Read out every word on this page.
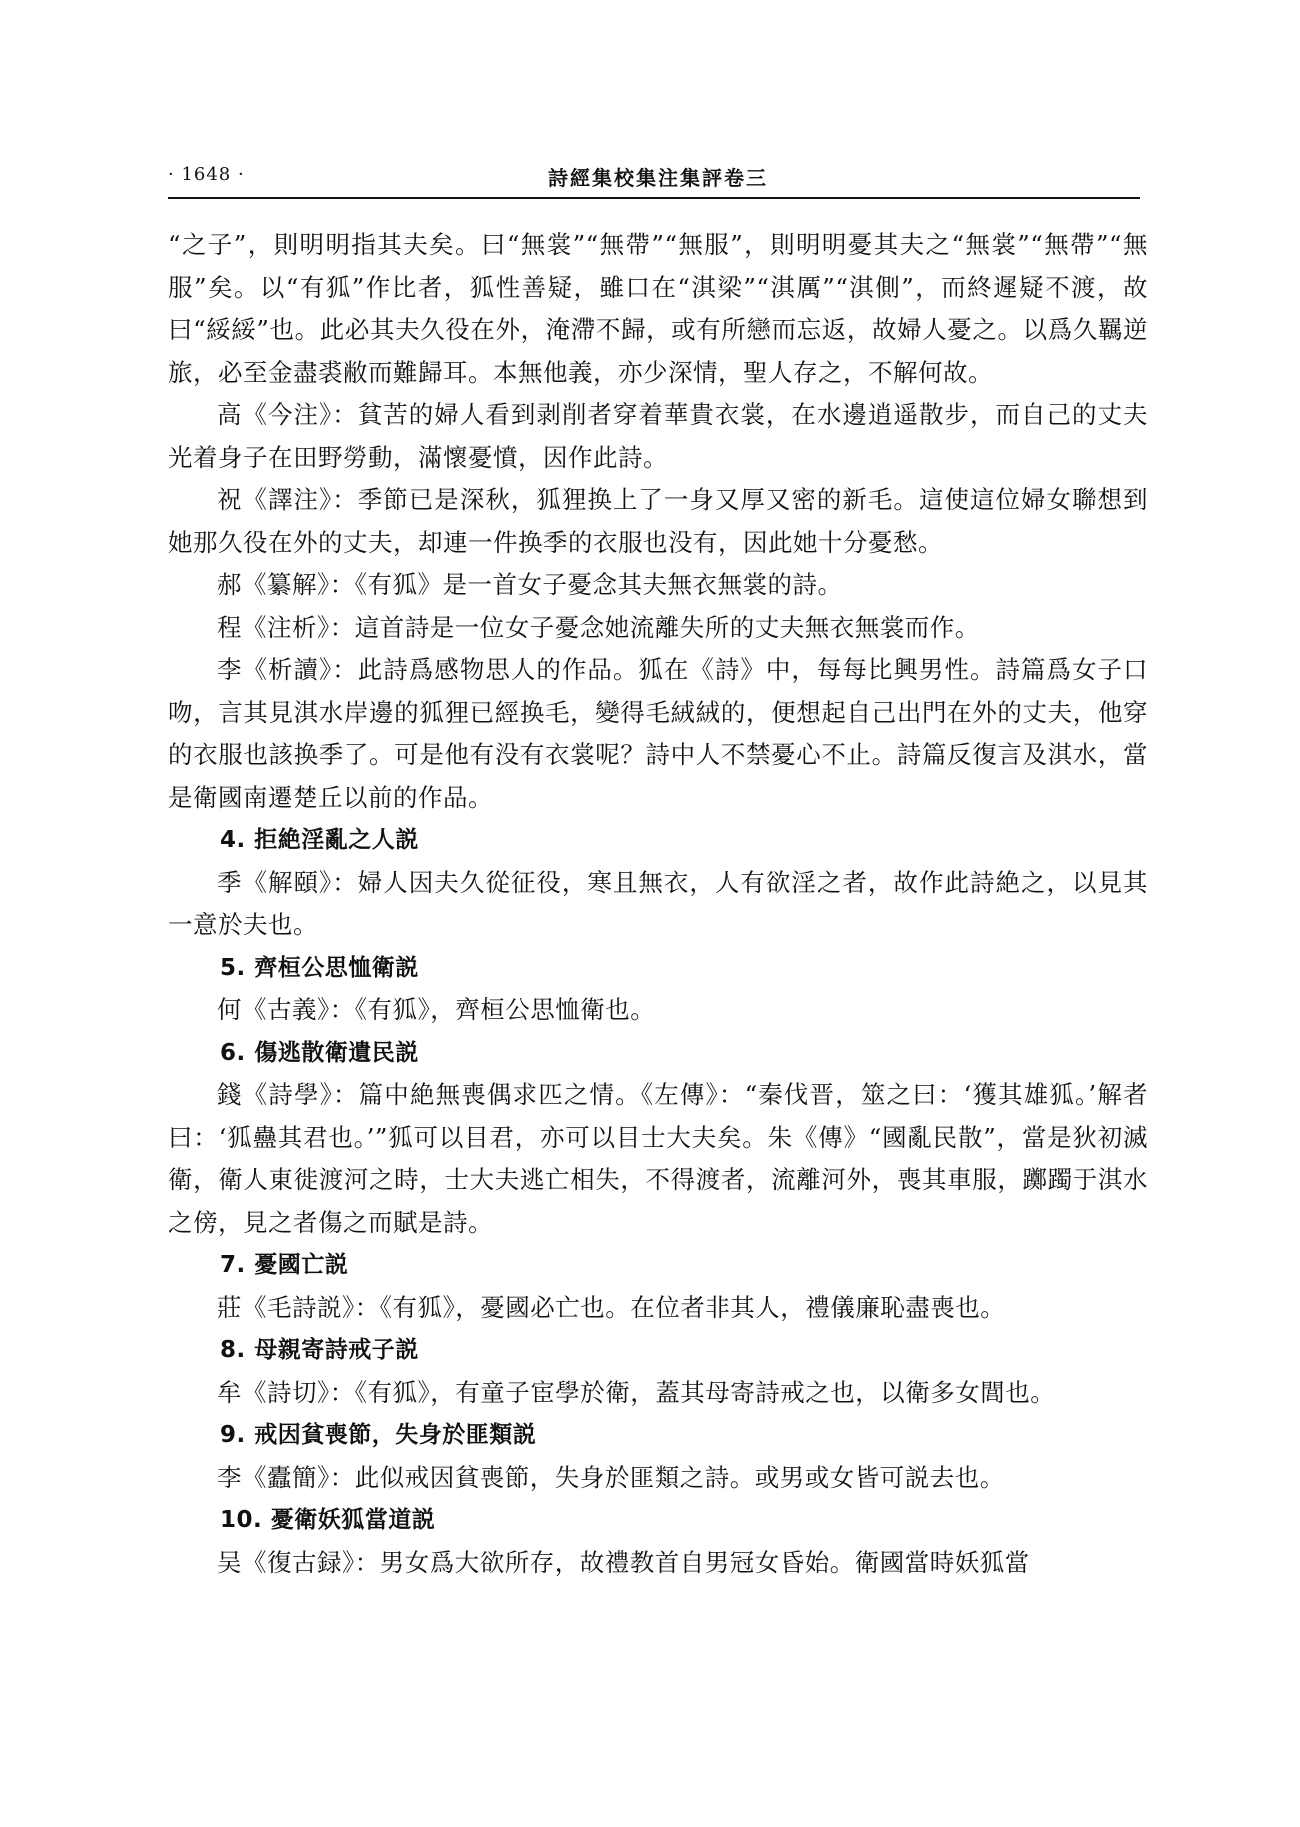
· 1648 ·	詩經集校集注集評卷三

“之子”，則明明指其夫矣。曰“無裳”“無帶”“無服”，則明明憂其夫之“無裳”“無帶”“無服”矣。以“有狐”作比者，狐性善疑，雖口在“淇梁”“淇厲”“淇側”，而終遲疑不渡，故曰“綏綏”也。此必其夫久役在外，淹滯不歸，或有所戀而忘返，故婦人憂之。以爲久羈逆旅，必至金盡裘敝而難歸耳。本無他義，亦少深情，聖人存之，不解何故。

高《今注》：貧苦的婦人看到剥削者穿着華貴衣裳，在水邊逍遥散步，而自己的丈夫光着身子在田野勞動，滿懷憂憤，因作此詩。

祝《譯注》：季節已是深秋，狐狸换上了一身又厚又密的新毛。這使這位婦女聯想到她那久役在外的丈夫，却連一件换季的衣服也没有，因此她十分憂愁。

郝《纂解》：《有狐》是一首女子憂念其夫無衣無裳的詩。

程《注析》：這首詩是一位女子憂念她流離失所的丈夫無衣無裳而作。

李《析讀》：此詩爲感物思人的作品。狐在《詩》中，每每比興男性。詩篇爲女子口吻，言其見淇水岸邊的狐狸已經换毛，變得毛絨絨的，便想起自己出門在外的丈夫，他穿的衣服也該换季了。可是他有没有衣裳呢？詩中人不禁憂心不止。詩篇反復言及淇水，當是衛國南遷楚丘以前的作品。

4. 拒絶淫亂之人説

季《解頤》：婦人因夫久從征役，寒且無衣，人有欲淫之者，故作此詩絶之，以見其一意於夫也。

5. 齊桓公思恤衛説

何《古義》：《有狐》，齊桓公思恤衛也。

6. 傷逃散衛遺民説

錢《詩學》：篇中絶無喪偶求匹之情。《左傳》：“秦伐晋，筮之曰：‘獲其雄狐。’解者曰：‘狐蠱其君也。’”狐可以目君，亦可以目士大夫矣。朱《傳》“國亂民散”，當是狄初滅衛，衛人東徙渡河之時，士大夫逃亡相失，不得渡者，流離河外，喪其車服，躑躅于淇水之傍，見之者傷之而賦是詩。

7. 憂國亡説

莊《毛詩説》：《有狐》，憂國必亡也。在位者非其人，禮儀廉恥盡喪也。

8. 母親寄詩戒子説

牟《詩切》：《有狐》，有童子宦學於衛，蓋其母寄詩戒之也，以衛多女閭也。

9. 戒因貧喪節，失身於匪類説

李《蠹簡》：此似戒因貧喪節，失身於匪類之詩。或男或女皆可説去也。

10. 憂衛妖狐當道説

吴《復古録》：男女爲大欲所存，故禮教首自男冠女昏始。衛國當時妖狐當
